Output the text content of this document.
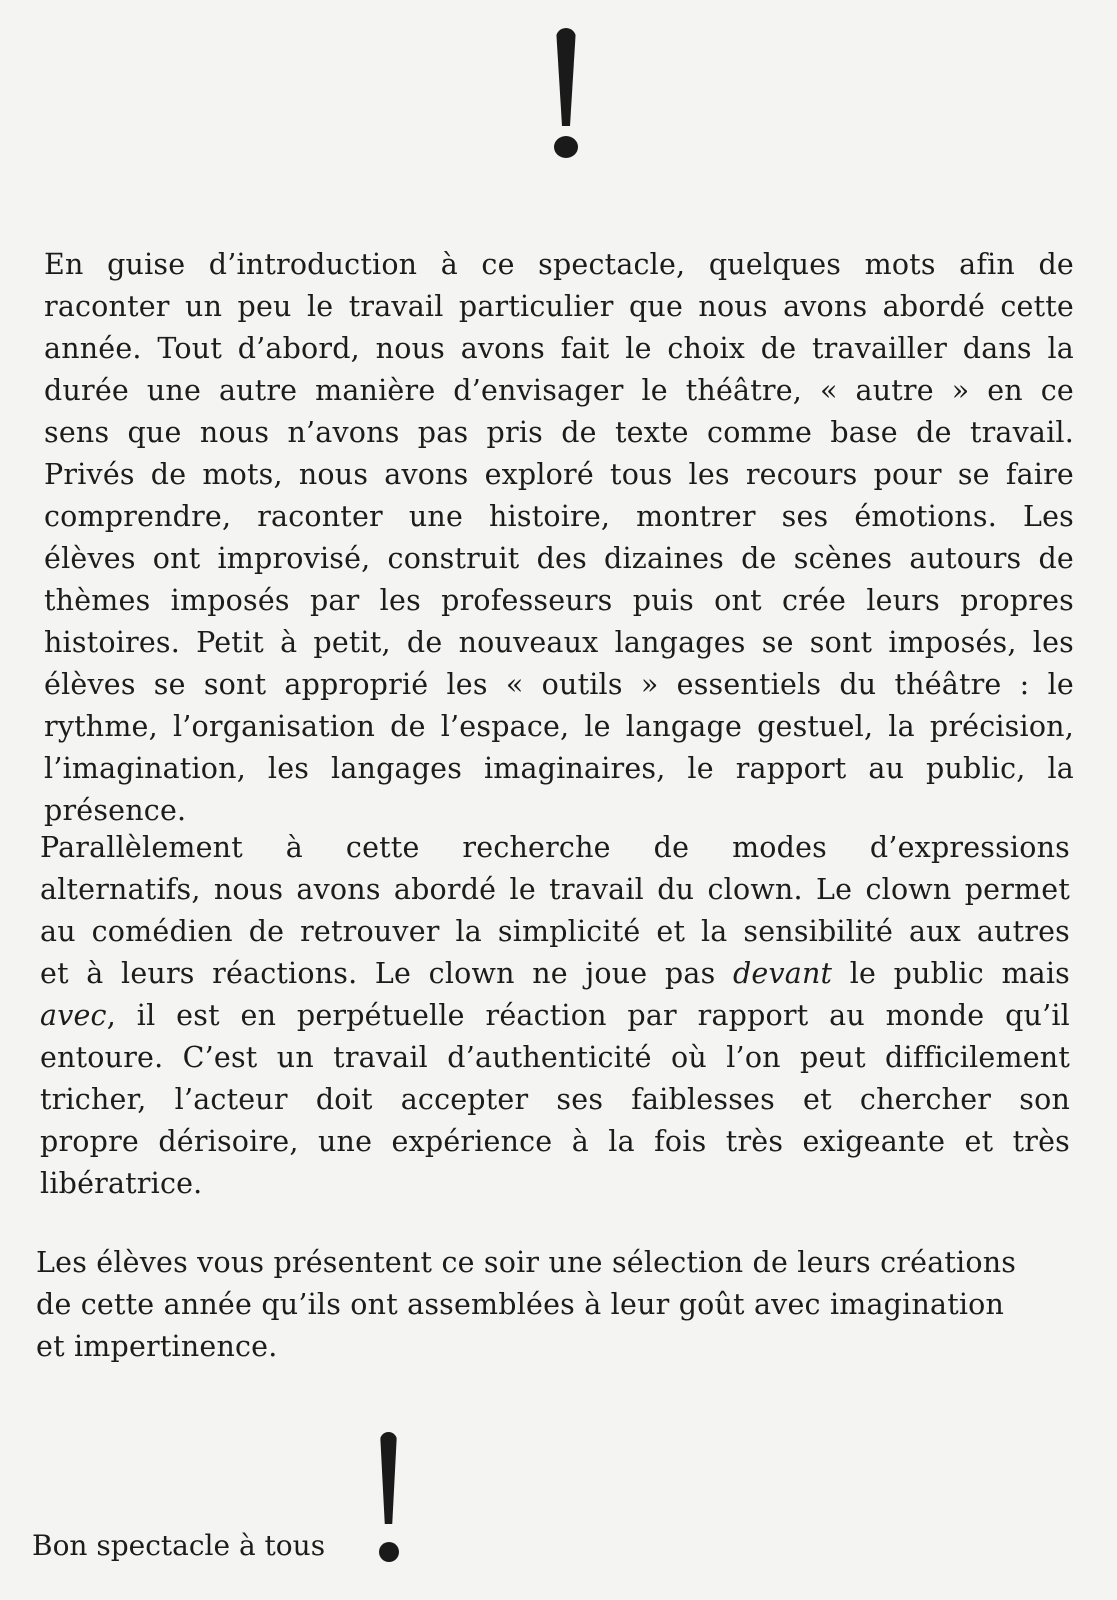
En guise d’introduction à ce spectacle, quelques mots afin de
raconter un peu le travail particulier que nous avons abordé cette
année. Tout d’abord, nous avons fait le choix de travailler dans la
durée une autre manière d’envisager le théâtre, « autre » en ce
sens que nous n’avons pas pris de texte comme base de travail.
Privés de mots, nous avons exploré tous les recours pour se faire
comprendre, raconter une histoire, montrer ses émotions. Les
élèves ont improvisé, construit des dizaines de scènes autours de
thèmes imposés par les professeurs puis ont crée leurs propres
histoires. Petit à petit, de nouveaux langages se sont imposés, les
élèves se sont approprié les « outils » essentiels du théâtre : le
rythme, l’organisation de l’espace, le langage gestuel, la précision,
l’imagination, les langages imaginaires, le rapport au public, la
présence.
Parallèlement à cette recherche de modes d’expressions
alternatifs, nous avons abordé le travail du clown. Le clown permet
au comédien de retrouver la simplicité et la sensibilité aux autres
et à leurs réactions. Le clown ne joue pas devant le public mais
avec, il est en perpétuelle réaction par rapport au monde qu’il
entoure. C’est un travail d’authenticité où l’on peut difficilement
tricher, l’acteur doit accepter ses faiblesses et chercher son
propre dérisoire, une expérience à la fois très exigeante et très
libératrice.
Les élèves vous présentent ce soir une sélection de leurs créations
de cette année qu’ils ont assemblées à leur goût avec imagination
et impertinence.
Bon spectacle à tous
